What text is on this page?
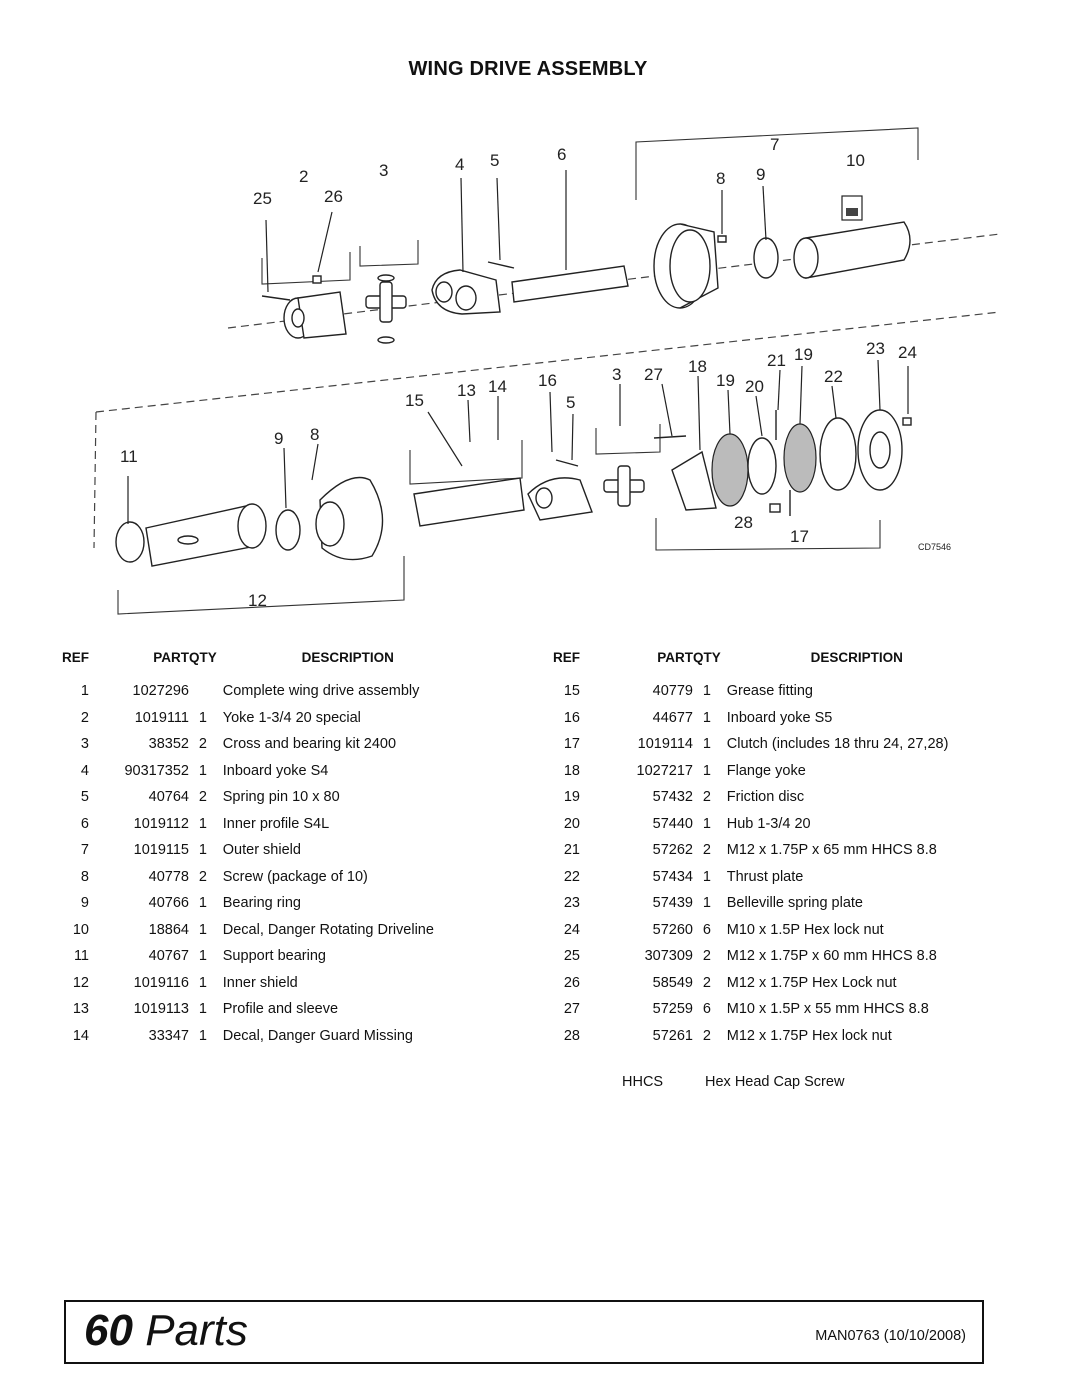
WING DRIVE ASSEMBLY
25
2
26
3	4 5	6
7
8 9
10
11
12
13 14
15
16
5
3 27 18
19 20
21 19
22
23 24
9 8
28
17
CD7546
REF	PART	QTY	DESCRIPTION
1	1027296		Complete wing drive assembly
2	1019111	1	Yoke 1-3/4 20 special
3	38352	2	Cross and bearing kit 2400
4	90317352	1	Inboard yoke S4
5	40764	2	Spring pin 10 x 80
6	1019112	1	Inner profile S4L
7	1019115	1	Outer shield
8	40778	2	Screw (package of 10)
9	40766	1	Bearing ring
10	18864	1	Decal, Danger Rotating Driveline
11	40767	1	Support bearing
12	1019116	1	Inner shield
13	1019113	1	Profile and sleeve
14	33347	1	Decal, Danger Guard Missing
REF	PART	QTY	DESCRIPTION
15	40779	1	Grease fitting
16	44677	1	Inboard yoke S5
17	1019114	1	Clutch (includes 18 thru 24, 27,28)
18	1027217	1	Flange yoke
19	57432	2	Friction disc
20	57440	1	Hub 1-3/4 20
21	57262	2	M12 x 1.75P x 65 mm HHCS 8.8
22	57434	1	Thrust plate
23	57439	1	Belleville spring plate
24	57260	6	M10 x 1.5P Hex lock nut
25	307309	2	M12 x 1.75P x 60 mm HHCS 8.8
26	58549	2	M12 x 1.75P Hex Lock nut
27	57259	6	M10 x 1.5P x 55 mm HHCS 8.8
28	57261	2	M12 x 1.75P Hex lock nut
HHCS	Hex Head Cap Screw
60 Parts	MAN0763 (10/10/2008)
